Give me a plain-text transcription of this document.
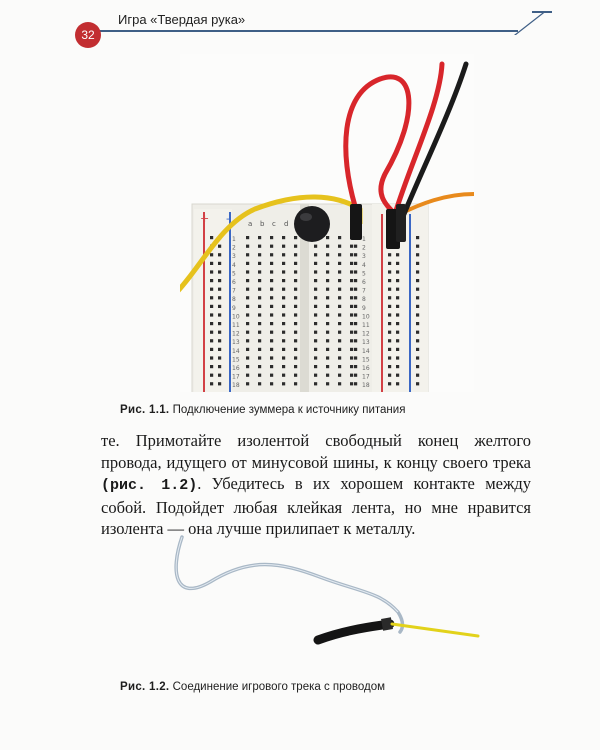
32
Игра «Твердая рука»
+ -	a b c d
1	1
2	2
3	3
4	4
5	5
6	6
7	7
8	8
9	9
10	10
11	11
12	12
13	13
14	14
15	15
16	16
17	17
18	18
Рис. 1.1. Подключение зуммера к источнику питания
те. Примотайте изолентой свободный конец желтого провода, идущего от минусовой шины, к концу своего трека (рис. 1.2). Убедитесь в их хорошем контакте между собой. Подойдет любая клейкая лента, но мне нравится изолента — она лучше прилипает к металлу.
Рис. 1.2. Соединение игрового трека с проводом
